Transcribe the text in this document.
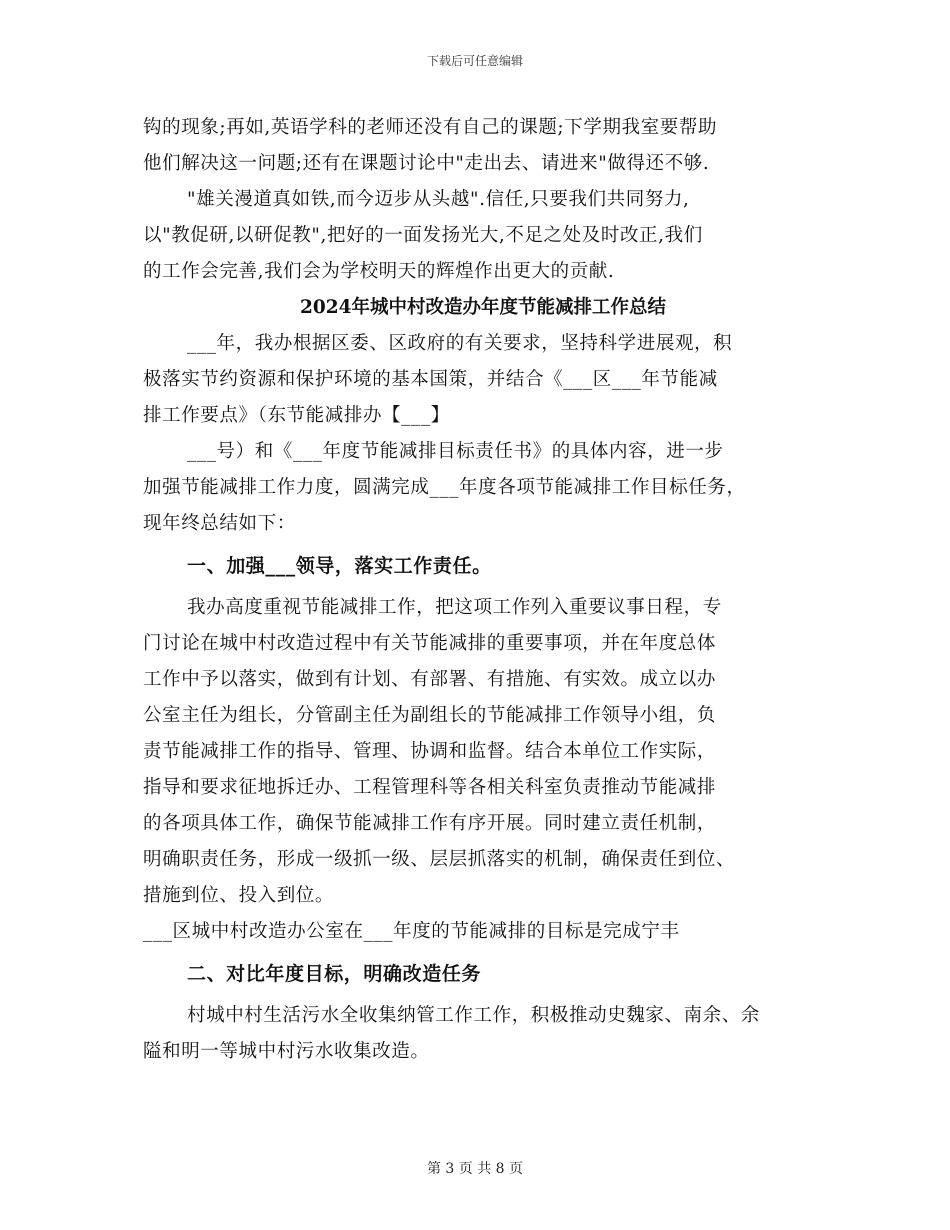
下载后可任意编辑
钩的现象;再如,英语学科的老师还没有自己的课题;下学期我室要帮助
他们解决这一问题;还有在课题讨论中"走出去、请进来"做得还不够.
"雄关漫道真如铁,而今迈步从头越".信任,只要我们共同努力,
以"教促研,以研促教",把好的一面发扬光大,不足之处及时改正,我们
的工作会完善,我们会为学校明天的辉煌作出更大的贡献.
2024年城中村改造办年度节能减排工作总结
___年，我办根据区委、区政府的有关要求，坚持科学进展观，积
极落实节约资源和保护环境的基本国策，并结合《___区___年节能减
排工作要点》（东节能减排办【___】
___号）和《___年度节能减排目标责任书》的具体内容，进一步
加强节能减排工作力度，圆满完成___年度各项节能减排工作目标任务，
现年终总结如下：
一、加强___领导，落实工作责任。
我办高度重视节能减排工作，把这项工作列入重要议事日程，专
门讨论在城中村改造过程中有关节能减排的重要事项，并在年度总体
工作中予以落实，做到有计划、有部署、有措施、有实效。成立以办
公室主任为组长，分管副主任为副组长的节能减排工作领导小组，负
责节能减排工作的指导、管理、协调和监督。结合本单位工作实际，
指导和要求征地拆迁办、工程管理科等各相关科室负责推动节能减排
的各项具体工作，确保节能减排工作有序开展。同时建立责任机制，
明确职责任务，形成一级抓一级、层层抓落实的机制，确保责任到位、
措施到位、投入到位。
___区城中村改造办公室在___年度的节能减排的目标是完成宁丰
二、对比年度目标，明确改造任务
村城中村生活污水全收集纳管工作工作，积极推动史魏家、南余、余
隘和明一等城中村污水收集改造。
第 3 页 共 8 页
